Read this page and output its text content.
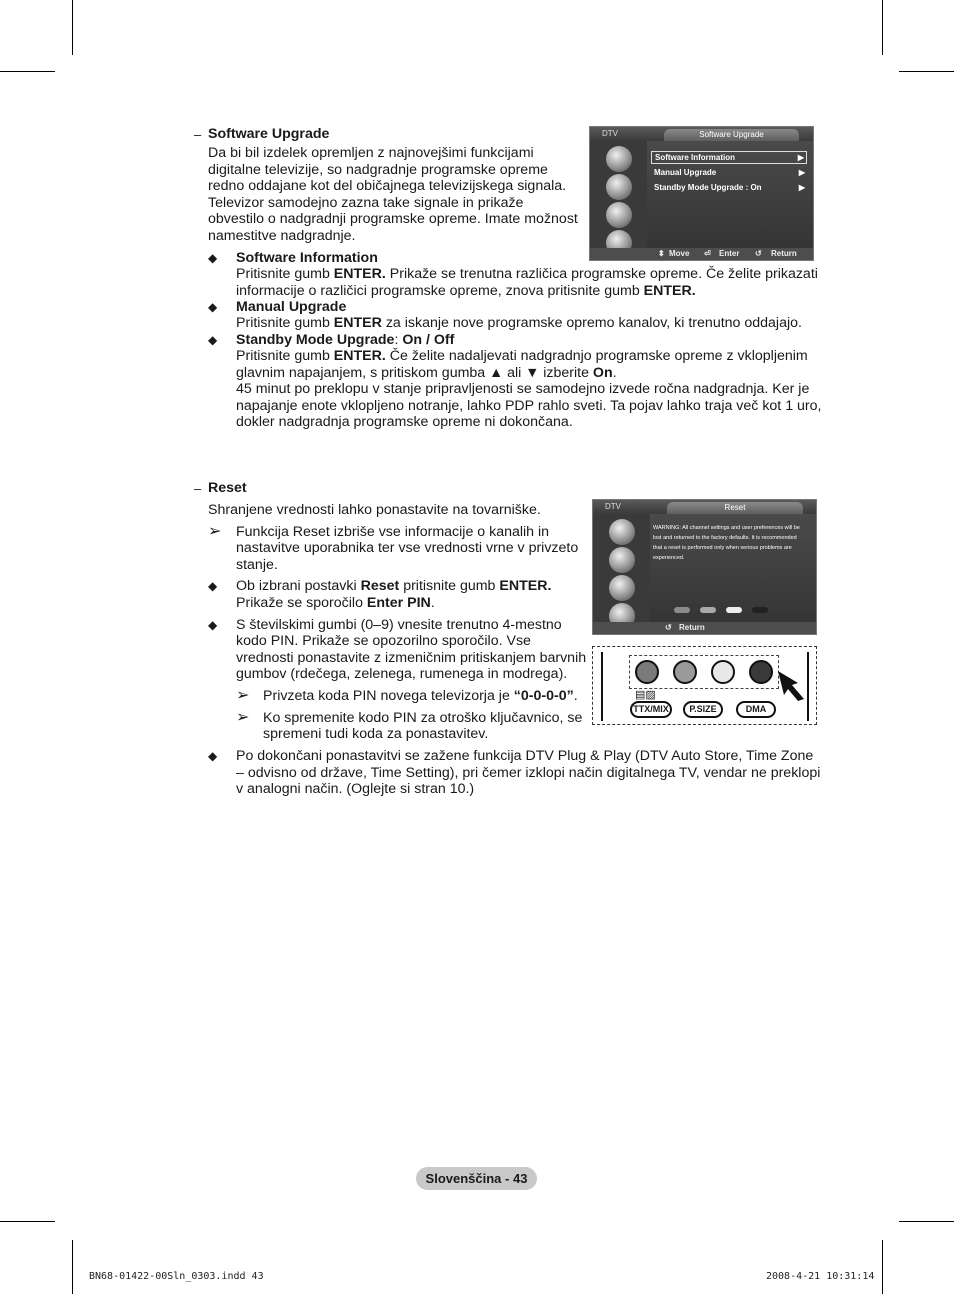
– Software Upgrade
Da bi bil izdelek opremljen z najnovejšimi funkcijami
digitalne televizije, so nadgradnje programske opreme
redno oddajane kot del običajnega televizijskega signala.
Televizor samodejno zazna take signale in prikaže
obvestilo o nadgradnji programske opreme. Imate možnost
namestitve nadgradnje.
◆ Software Information
Pritisnite gumb ENTER. Prikaže se trenutna različica programske opreme. Če želite prikazati
informacije o različici programske opreme, znova pritisnite gumb ENTER.
◆ Manual Upgrade
Pritisnite gumb ENTER za iskanje nove programske opremo kanalov, ki trenutno oddajajo.
◆ Standby Mode Upgrade: On / Off
Pritisnite gumb ENTER. Če želite nadaljevati nadgradnjo programske opreme z vklopljenim
glavnim napajanjem, s pritiskom gumba ▲ ali ▼ izberite On.
45 minut po preklopu v stanje pripravljenosti se samodejno izvede ročna nadgradnja. Ker je
napajanje enote vklopljeno notranje, lahko PDP rahlo sveti. Ta pojav lahko traja več kot 1 uro,
dokler nadgradnja programske opreme ni dokončana.
DTV	Software Upgrade
Software Information	▶
Manual Upgrade	▶
Standby Mode Upgrade : On	▶
⬍ Move ⏎ Enter ↺ Return
– Reset
Shranjene vrednosti lahko ponastavite na tovarniške.
➢ Funkcija Reset izbriše vse informacije o kanalih in
nastavitve uporabnika ter vse vrednosti vrne v privzeto
stanje.
◆ Ob izbrani postavki Reset pritisnite gumb ENTER.
Prikaže se sporočilo Enter PIN.
◆ S številskimi gumbi (0–9) vnesite trenutno 4-mestno
kodo PIN. Prikaže se opozorilno sporočilo. Vse
vrednosti ponastavite z izmeničnim pritiskanjem barvnih
gumbov (rdečega, zelenega, rumenega in modrega).
➢ Privzeta koda PIN novega televizorja je “0-0-0-0”.
➢ Ko spremenite kodo PIN za otroško ključavnico, se
spremeni tudi koda za ponastavitev.
◆ Po dokončani ponastavitvi se zažene funkcija DTV Plug & Play (DTV Auto Store, Time Zone
– odvisno od države, Time Setting), pri čemer izklopi način digitalnega TV, vendar ne preklopi
v analogni način. (Oglejte si stran 10.)
DTV	Reset
WARNING: All channel settings and user preferences will be
lost and returned to the factory defaults. It is recommended
that a reset is performed only when serious problems are
experienced.
↺ Return
▤▨
TTX/MIX	P.SIZE	DMA
Slovenščina - 43
BN68-01422-00Sln_0303.indd 43	2008-4-21 10:31:14
